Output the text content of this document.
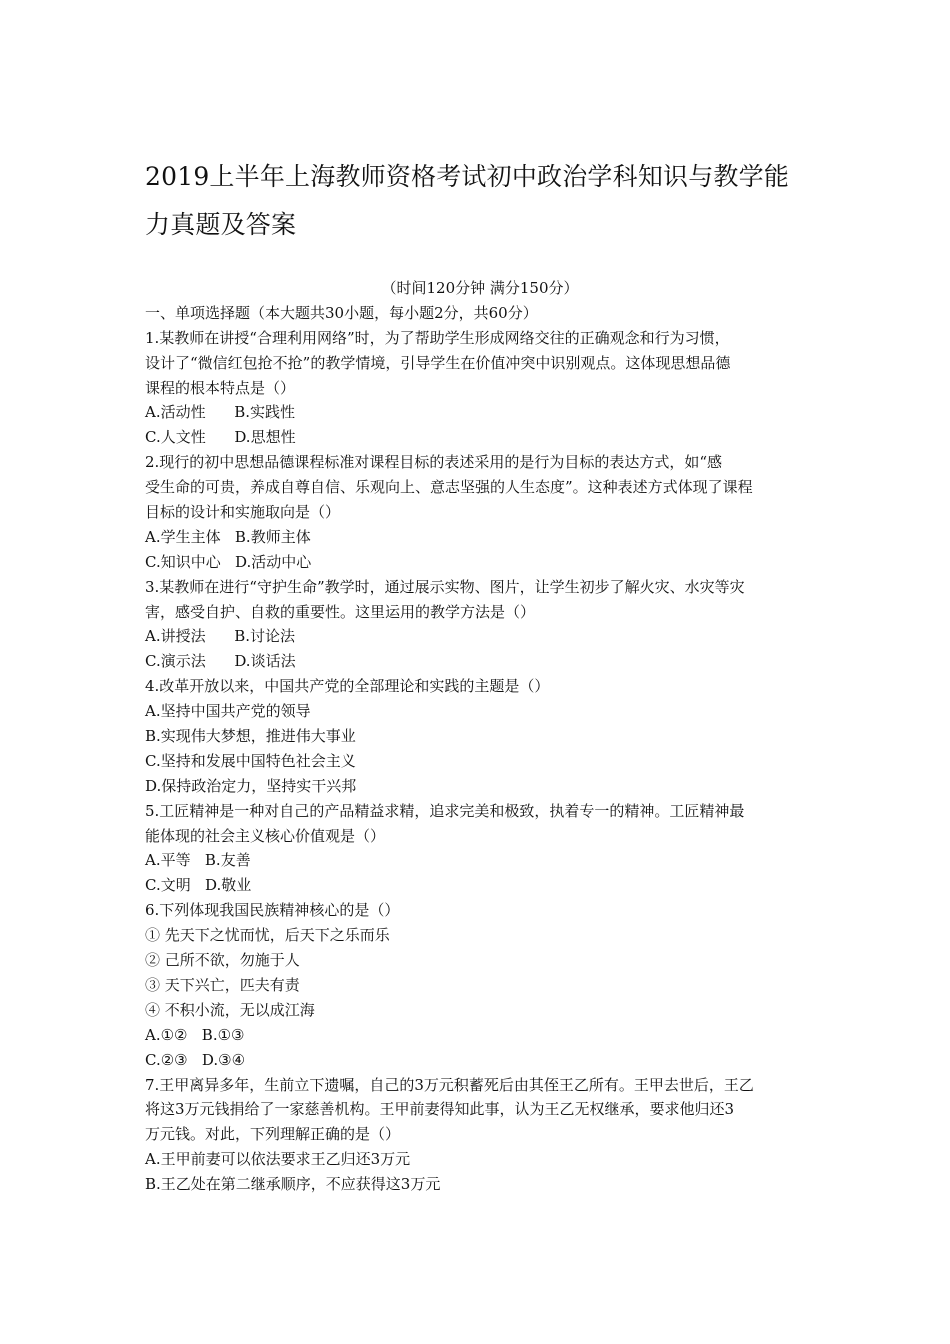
2019上半年上海教师资格考试初中政治学科知识与教学能
力真题及答案
（时间120分钟 满分150分）
一、单项选择题（本大题共30小题，每小题2分，共60分）
1.某教师在讲授“合理利用网络”时，为了帮助学生形成网络交往的正确观念和行为习惯，
设计了“微信红包抢不抢”的教学情境，引导学生在价值冲突中识别观点。这体现思想品德
课程的根本特点是（）
A.活动性      B.实践性
C.人文性      D.思想性
2.现行的初中思想品德课程标准对课程目标的表述采用的是行为目标的表达方式，如“感
受生命的可贵，养成自尊自信、乐观向上、意志坚强的人生态度”。这种表述方式体现了课程
目标的设计和实施取向是（）
A.学生主体   B.教师主体
C.知识中心   D.活动中心
3.某教师在进行“守护生命”教学时，通过展示实物、图片，让学生初步了解火灾、水灾等灾
害，感受自护、自救的重要性。这里运用的教学方法是（）
A.讲授法      B.讨论法
C.演示法      D.谈话法
4.改革开放以来，中国共产党的全部理论和实践的主题是（）
A.坚持中国共产党的领导
B.实现伟大梦想，推进伟大事业
C.坚持和发展中国特色社会主义
D.保持政治定力，坚持实干兴邦
5.工匠精神是一种对自己的产品精益求精，追求完美和极致，执着专一的精神。工匠精神最
能体现的社会主义核心价值观是（）
A.平等   B.友善
C.文明   D.敬业
6.下列体现我国民族精神核心的是（）
① 先天下之忧而忧，后天下之乐而乐
② 己所不欲，勿施于人
③ 天下兴亡，匹夫有责
④ 不积小流，无以成江海
A.①②   B.①③
C.②③   D.③④
7.王甲离异多年，生前立下遗嘱，自己的3万元积蓄死后由其侄王乙所有。王甲去世后，王乙
将这3万元钱捐给了一家慈善机构。王甲前妻得知此事，认为王乙无权继承，要求他归还3
万元钱。对此，下列理解正确的是（）
A.王甲前妻可以依法要求王乙归还3万元
B.王乙处在第二继承顺序，不应获得这3万元
